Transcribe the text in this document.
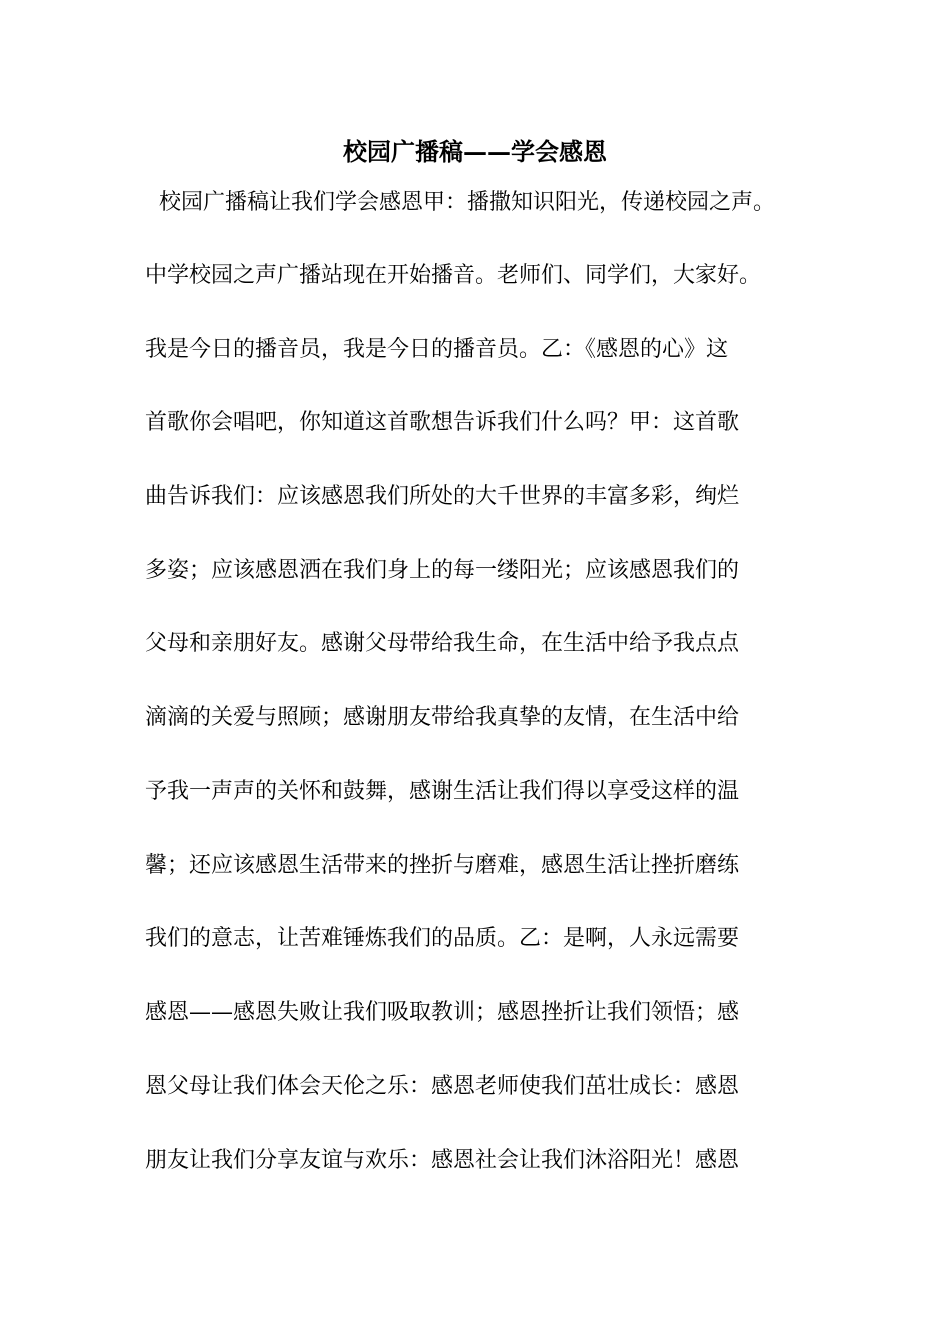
校园广播稿——学会感恩
校园广播稿让我们学会感恩甲：播撒知识阳光，传递校园之声。
中学校园之声广播站现在开始播音。老师们、同学们，大家好。
我是今日的播音员，我是今日的播音员。乙：《感恩的心》这
首歌你会唱吧，你知道这首歌想告诉我们什么吗？甲：这首歌
曲告诉我们：应该感恩我们所处的大千世界的丰富多彩，绚烂
多姿；应该感恩洒在我们身上的每一缕阳光；应该感恩我们的
父母和亲朋好友。感谢父母带给我生命，在生活中给予我点点
滴滴的关爱与照顾；感谢朋友带给我真挚的友情，在生活中给
予我一声声的关怀和鼓舞，感谢生活让我们得以享受这样的温
馨；还应该感恩生活带来的挫折与磨难，感恩生活让挫折磨练
我们的意志，让苦难锤炼我们的品质。乙：是啊，人永远需要
感恩——感恩失败让我们吸取教训；感恩挫折让我们领悟；感
恩父母让我们体会天伦之乐：感恩老师使我们茁壮成长：感恩
朋友让我们分享友谊与欢乐：感恩社会让我们沐浴阳光！感恩
